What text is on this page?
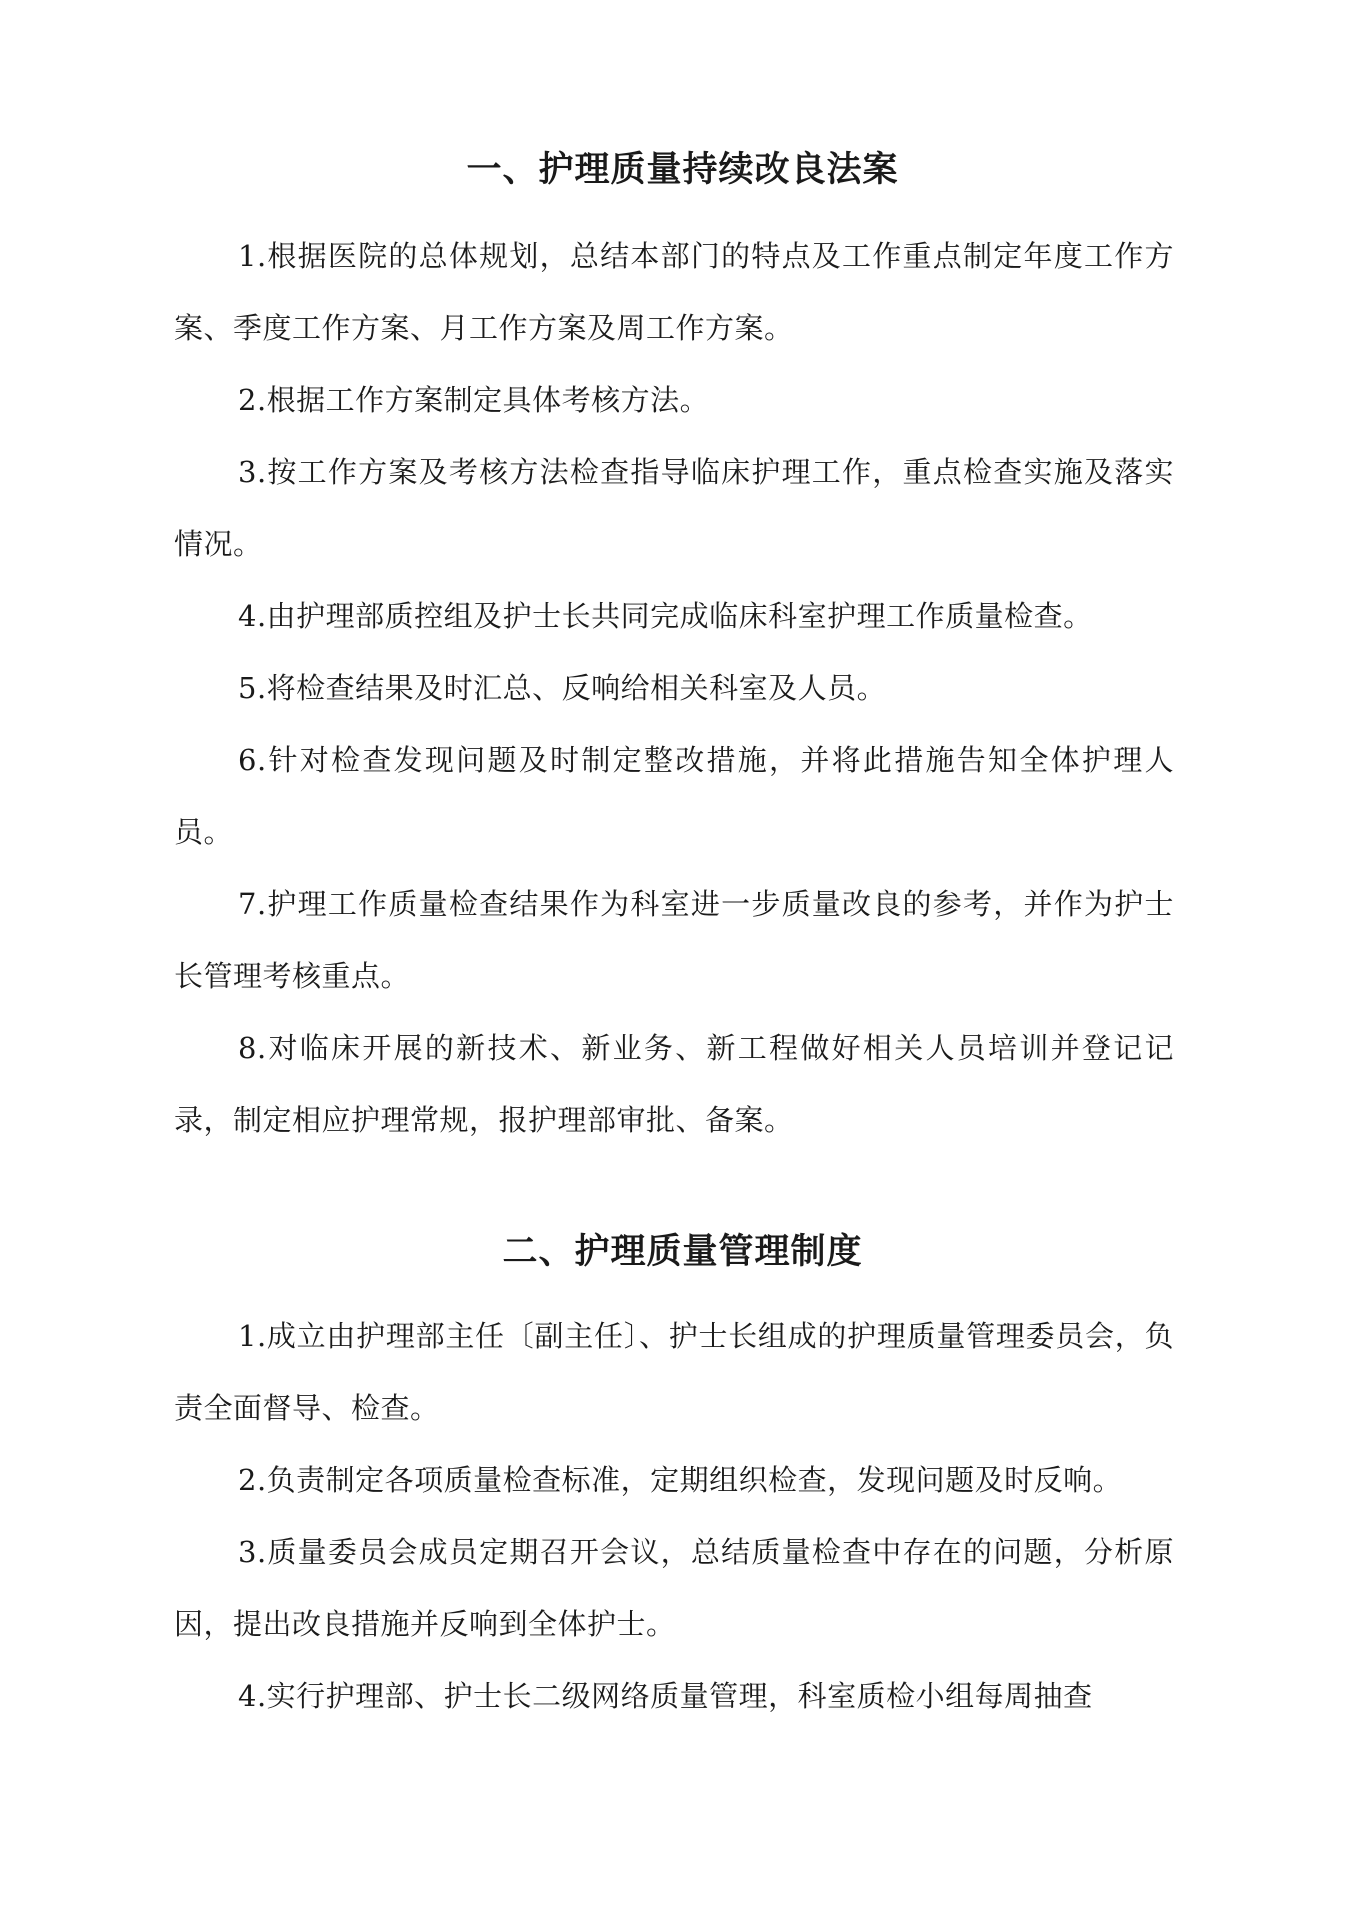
一、护理质量持续改良法案

1.根据医院的总体规划，总结本部门的特点及工作重点制定年度工作方案、季度工作方案、月工作方案及周工作方案。

2.根据工作方案制定具体考核方法。

3.按工作方案及考核方法检查指导临床护理工作，重点检查实施及落实情况。

4.由护理部质控组及护士长共同完成临床科室护理工作质量检查。

5.将检查结果及时汇总、反响给相关科室及人员。

6.针对检查发现问题及时制定整改措施，并将此措施告知全体护理人员。

7.护理工作质量检查结果作为科室进一步质量改良的参考，并作为护士长管理考核重点。

8.对临床开展的新技术、新业务、新工程做好相关人员培训并登记记录，制定相应护理常规，报护理部审批、备案。

二、护理质量管理制度

1.成立由护理部主任〔副主任〕、护士长组成的护理质量管理委员会，负责全面督导、检查。

2.负责制定各项质量检查标准，定期组织检查，发现问题及时反响。

3.质量委员会成员定期召开会议，总结质量检查中存在的问题，分析原因，提出改良措施并反响到全体护士。

4.实行护理部、护士长二级网络质量管理，科室质检小组每周抽查
